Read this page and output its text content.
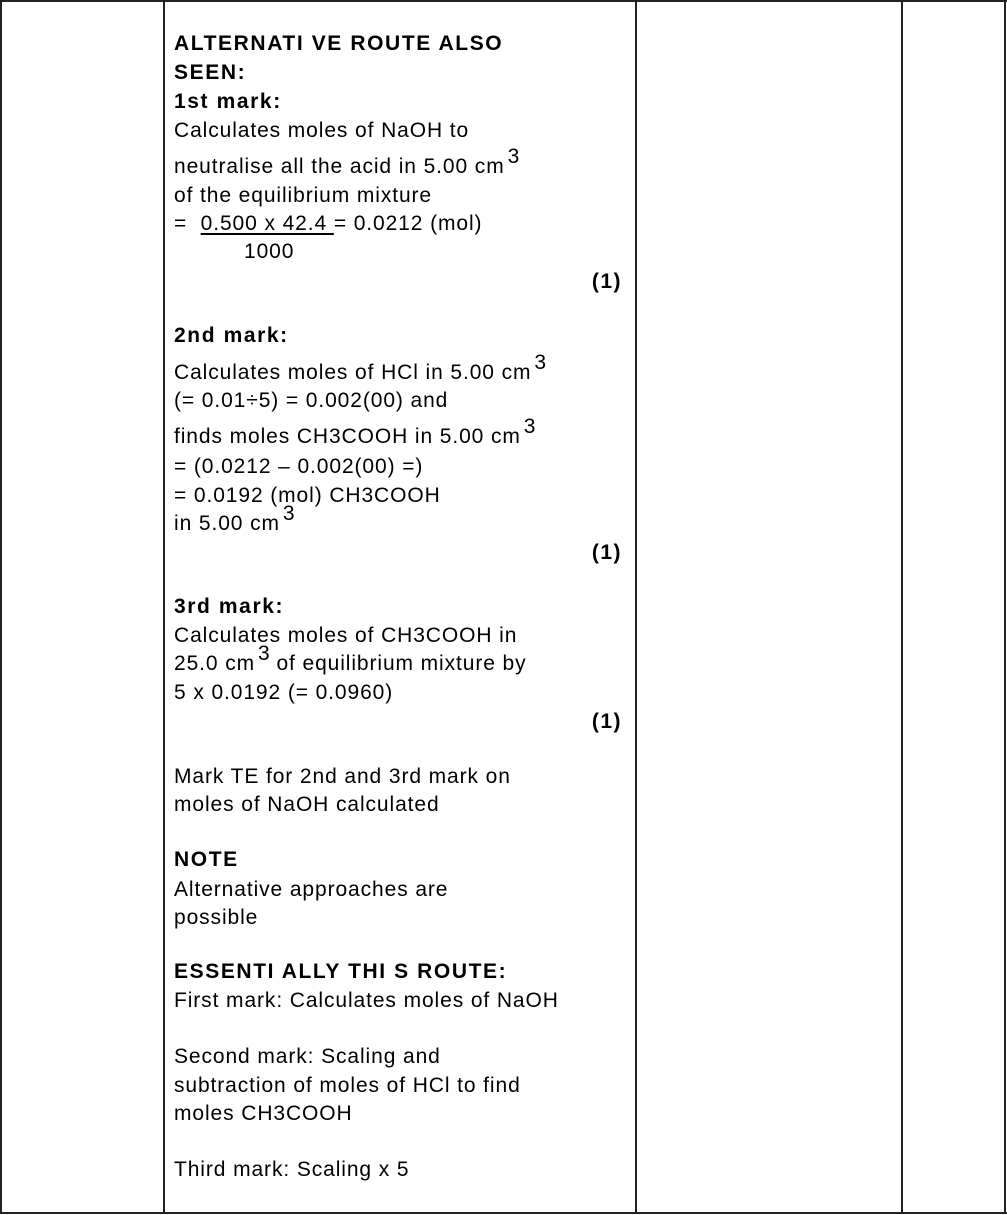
ALTERNATI VE ROUTE ALSO
SEEN:
1st mark:
Calculates moles of NaOH to
neutralise all the acid in 5.00 cm $^3$
of the equilibrium mixture
= 0.500 x 42.4 = 0.0212 (mol)
1000
(1)
2nd mark:
Calculates moles of HCl in 5.00 cm $^3$
(= 0.01÷5) = 0.002(00) and
finds moles CH3COOH in 5.00 cm $^3$
= (0.0212 – 0.002(00) =)
= 0.0192 (mol) CH3COOH
in 5.00 cm $^3$
(1)
3rd mark:
Calculates moles of CH3COOH in
25.0 cm $^3$ of equilibrium mixture by
5 x 0.0192 (= 0.0960)
(1)
Mark TE for 2nd and 3rd mark on
moles of NaOH calculated
NOTE
Alternative approaches are
possible
ESSENTI ALLY THI S ROUTE:
First mark: Calculates moles of NaOH
Second mark: Scaling and
subtraction of moles of HCl to find
moles CH3COOH
Third mark: Scaling x 5
